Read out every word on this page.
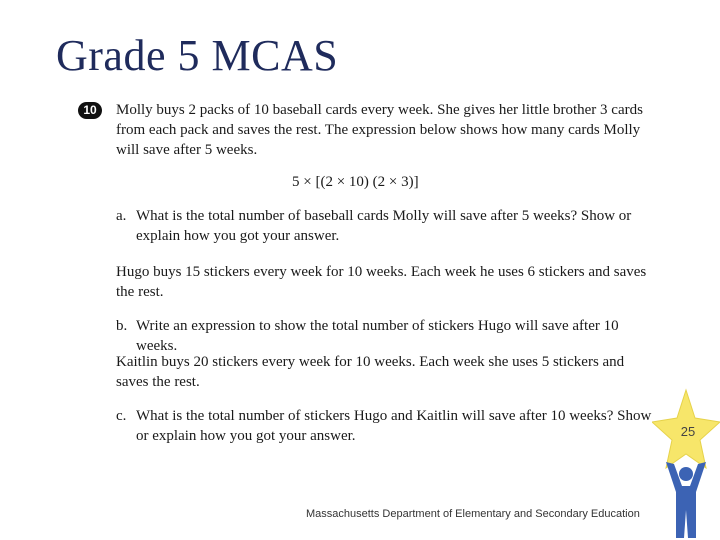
Grade 5 MCAS
10	Molly buys 2 packs of 10 baseball cards every week. She gives her little brother 3 cards from each pack and saves the rest. The expression below shows how many cards Molly will save after 5 weeks.

5 × [(2 × 10) (2 × 3)]
a. What is the total number of baseball cards Molly will save after 5 weeks? Show or explain how you got your answer.

Hugo buys 15 stickers every week for 10 weeks. Each week he uses 6 stickers and saves the rest.

b. Write an expression to show the total number of stickers Hugo will save after 10 weeks.

Kaitlin buys 20 stickers every week for 10 weeks. Each week she uses 5 stickers and saves the rest.

c. What is the total number of stickers Hugo and Kaitlin will save after 10 weeks? Show or explain how you got your answer.	25
Massachusetts Department of Elementary and Secondary Education
